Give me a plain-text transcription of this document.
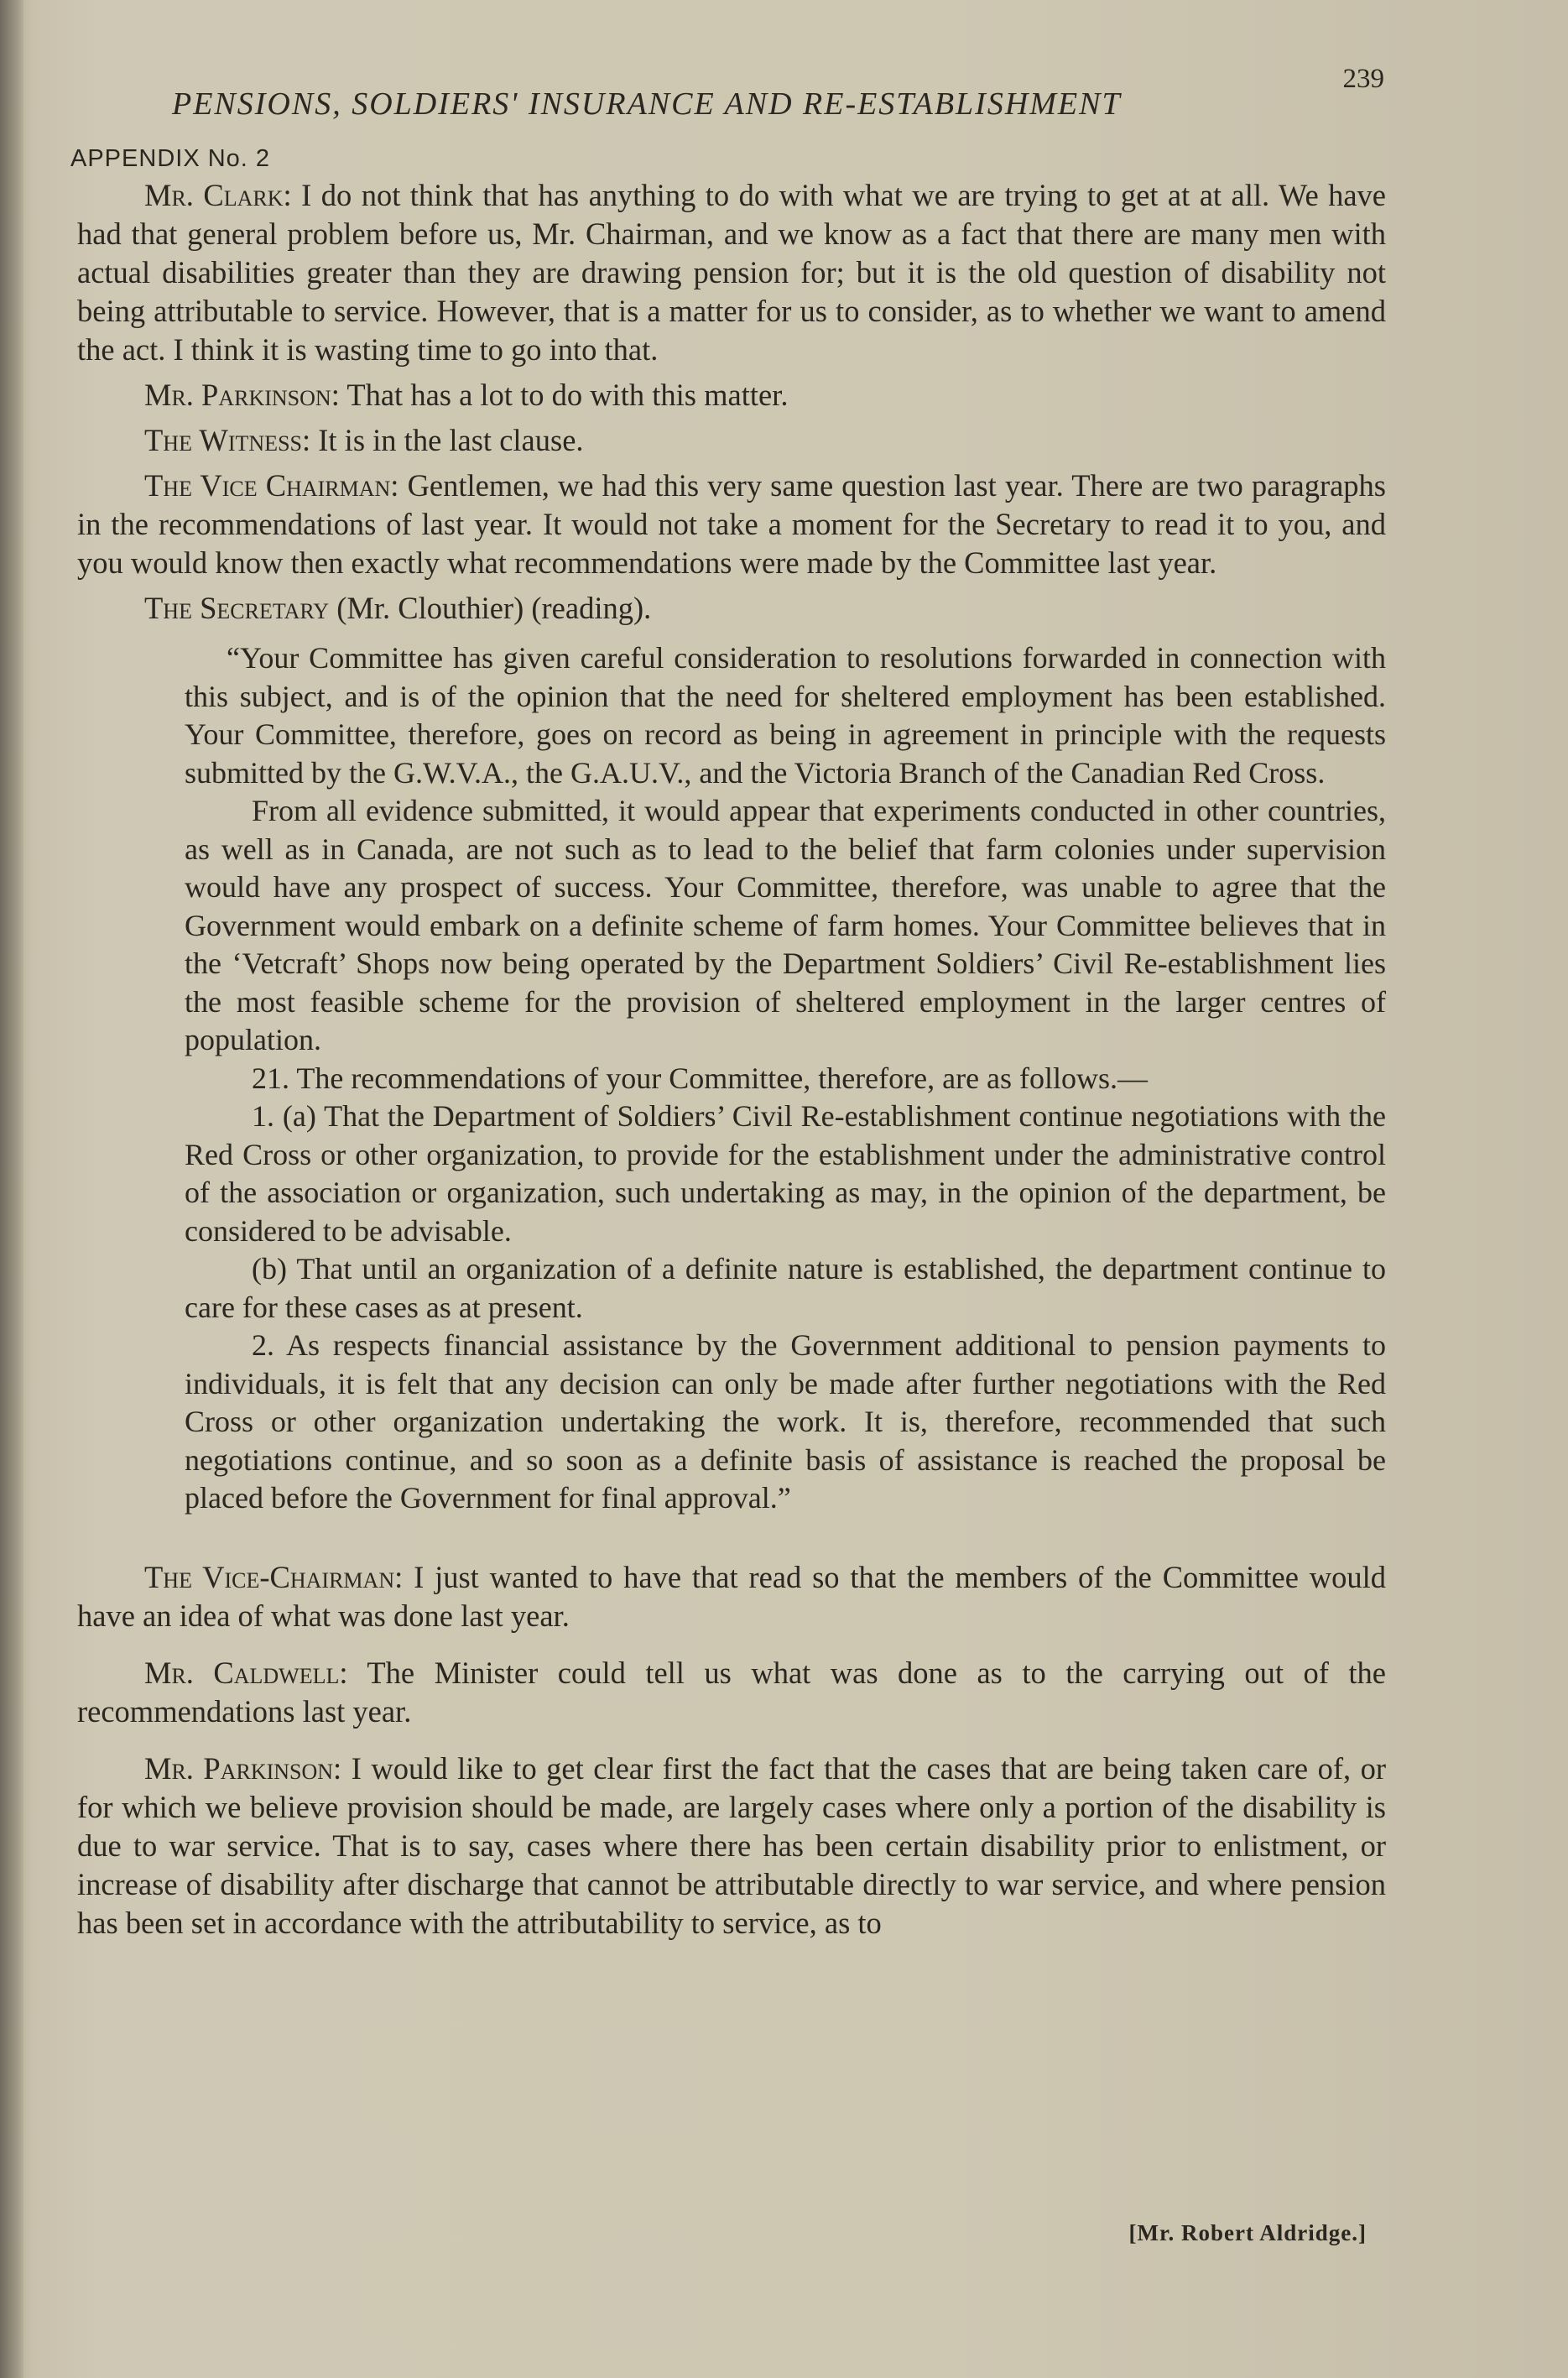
PENSIONS, SOLDIERS' INSURANCE AND RE-ESTABLISHMENT
239
APPENDIX No. 2

Mr. Clark: I do not think that has anything to do with what we are trying to get at at all. We have had that general problem before us, Mr. Chairman, and we know as a fact that there are many men with actual disabilities greater than they are drawing pension for; but it is the old question of disability not being attributable to service. However, that is a matter for us to consider, as to whether we want to amend the act. I think it is wasting time to go into that.

Mr. Parkinson: That has a lot to do with this matter.

The Witness: It is in the last clause.

The Vice Chairman: Gentlemen, we had this very same question last year. There are two paragraphs in the recommendations of last year. It would not take a moment for the Secretary to read it to you, and you would know then exactly what recommendations were made by the Committee last year.

The Secretary (Mr. Clouthier) (reading).

“Your Committee has given careful consideration to resolutions forwarded in connection with this subject, and is of the opinion that the need for sheltered employment has been established. Your Committee, therefore, goes on record as being in agreement in principle with the requests submitted by the G.W.V.A., the G.A.U.V., and the Victoria Branch of the Canadian Red Cross.

From all evidence submitted, it would appear that experiments conducted in other countries, as well as in Canada, are not such as to lead to the belief that farm colonies under supervision would have any prospect of success. Your Committee, therefore, was unable to agree that the Government would embark on a definite scheme of farm homes. Your Committee believes that in the ‘Vetcraft’ Shops now being operated by the Department Soldiers’ Civil Re-establishment lies the most feasible scheme for the provision of sheltered employment in the larger centres of population.

21. The recommendations of your Committee, therefore, are as follows.—

1. (a) That the Department of Soldiers’ Civil Re-establishment continue negotiations with the Red Cross or other organization, to provide for the establishment under the administrative control of the association or organization, such undertaking as may, in the opinion of the department, be considered to be advisable.

(b) That until an organization of a definite nature is established, the department continue to care for these cases as at present.

2. As respects financial assistance by the Government additional to pension payments to individuals, it is felt that any decision can only be made after further negotiations with the Red Cross or other organization undertaking the work. It is, therefore, recommended that such negotiations continue, and so soon as a definite basis of assistance is reached the proposal be placed before the Government for final approval.”

The Vice-Chairman: I just wanted to have that read so that the members of the Committee would have an idea of what was done last year.

Mr. Caldwell: The Minister could tell us what was done as to the carrying out of the recommendations last year.

Mr. Parkinson: I would like to get clear first the fact that the cases that are being taken care of, or for which we believe provision should be made, are largely cases where only a portion of the disability is due to war service. That is to say, cases where there has been certain disability prior to enlistment, or increase of disability after discharge that cannot be attributable directly to war service, and where pension has been set in accordance with the attributability to service, as to

[Mr. Robert Aldridge.]
